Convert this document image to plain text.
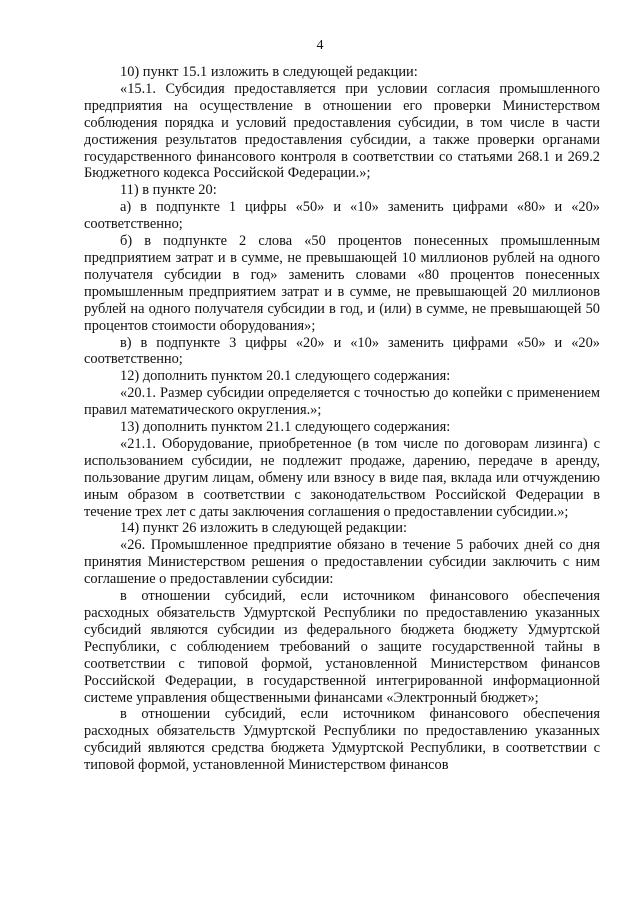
4

10) пункт 15.1 изложить в следующей редакции:

«15.1. Субсидия предоставляется при условии согласия промышленного предприятия на осуществление в отношении его проверки Министерством соблюдения порядка и условий предоставления субсидии, в том числе в части достижения результатов предоставления субсидии, а также проверки органами государственного финансового контроля в соответствии со статьями 268.1 и 269.2 Бюджетного кодекса Российской Федерации.»;

11) в пункте 20:

а) в подпункте 1 цифры «50» и «10» заменить цифрами «80» и «20» соответственно;

б) в подпункте 2 слова «50 процентов понесенных промышленным предприятием затрат и в сумме, не превышающей 10 миллионов рублей на одного получателя субсидии в год» заменить словами «80 процентов понесенных промышленным предприятием затрат и в сумме, не превышающей 20 миллионов рублей на одного получателя субсидии в год, и (или) в сумме, не превышающей 50 процентов стоимости оборудования»;

в) в подпункте 3 цифры «20» и «10» заменить цифрами «50» и «20» соответственно;

12) дополнить пунктом 20.1 следующего содержания:

«20.1. Размер субсидии определяется с точностью до копейки с применением правил математического округления.»;

13) дополнить пунктом 21.1 следующего содержания:

«21.1. Оборудование, приобретенное (в том числе по договорам лизинга) с использованием субсидии, не подлежит продаже, дарению, передаче в аренду, пользование другим лицам, обмену или взносу в виде пая, вклада или отчуждению иным образом в соответствии с законодательством Российской Федерации в течение трех лет с даты заключения соглашения о предоставлении субсидии.»;

14) пункт 26 изложить в следующей редакции:

«26. Промышленное предприятие обязано в течение 5 рабочих дней со дня принятия Министерством решения о предоставлении субсидии заключить с ним соглашение о предоставлении субсидии:

в отношении субсидий, если источником финансового обеспечения расходных обязательств Удмуртской Республики по предоставлению указанных субсидий являются субсидии из федерального бюджета бюджету Удмуртской Республики, с соблюдением требований о защите государственной тайны в соответствии с типовой формой, установленной Министерством финансов Российской Федерации, в государственной интегрированной информационной системе управления общественными финансами «Электронный бюджет»;

в отношении субсидий, если источником финансового обеспечения расходных обязательств Удмуртской Республики по предоставлению указанных субсидий являются средства бюджета Удмуртской Республики, в соответствии с типовой формой, установленной Министерством финансов
